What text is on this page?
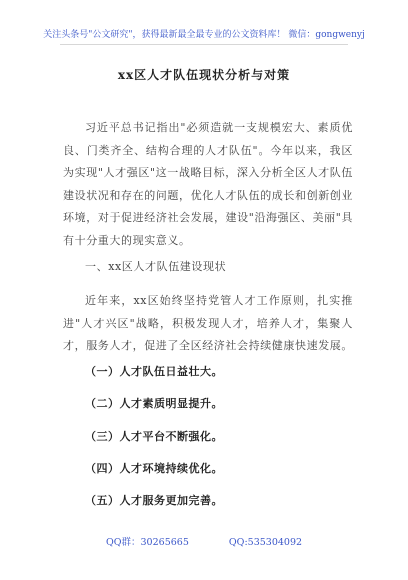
关注头条号"公文研究"，获得最新最全最专业的公文资料库！ 微信：gongwenyj
xx区人才队伍现状分析与对策

习近平总书记指出"必须造就一支规模宏大、素质优良、门类齐全、结构合理的人才队伍"。今年以来，我区为实现"人才强区"这一战略目标，深入分析全区人才队伍建设状况和存在的问题，优化人才队伍的成长和创新创业环境，对于促进经济社会发展，建设"沿海强区、美丽"具有十分重大的现实意义。

一、xx区人才队伍建设现状

近年来，xx区始终坚持党管人才工作原则，扎实推进"人才兴区"战略，积极发现人才，培养人才，集聚人才，服务人才，促进了全区经济社会持续健康快速发展。

（一）人才队伍日益壮大。

（二）人才素质明显提升。

（三）人才平台不断强化。

（四）人才环境持续优化。

（五）人才服务更加完善。

QQ群：30265665	QQ:535304092
